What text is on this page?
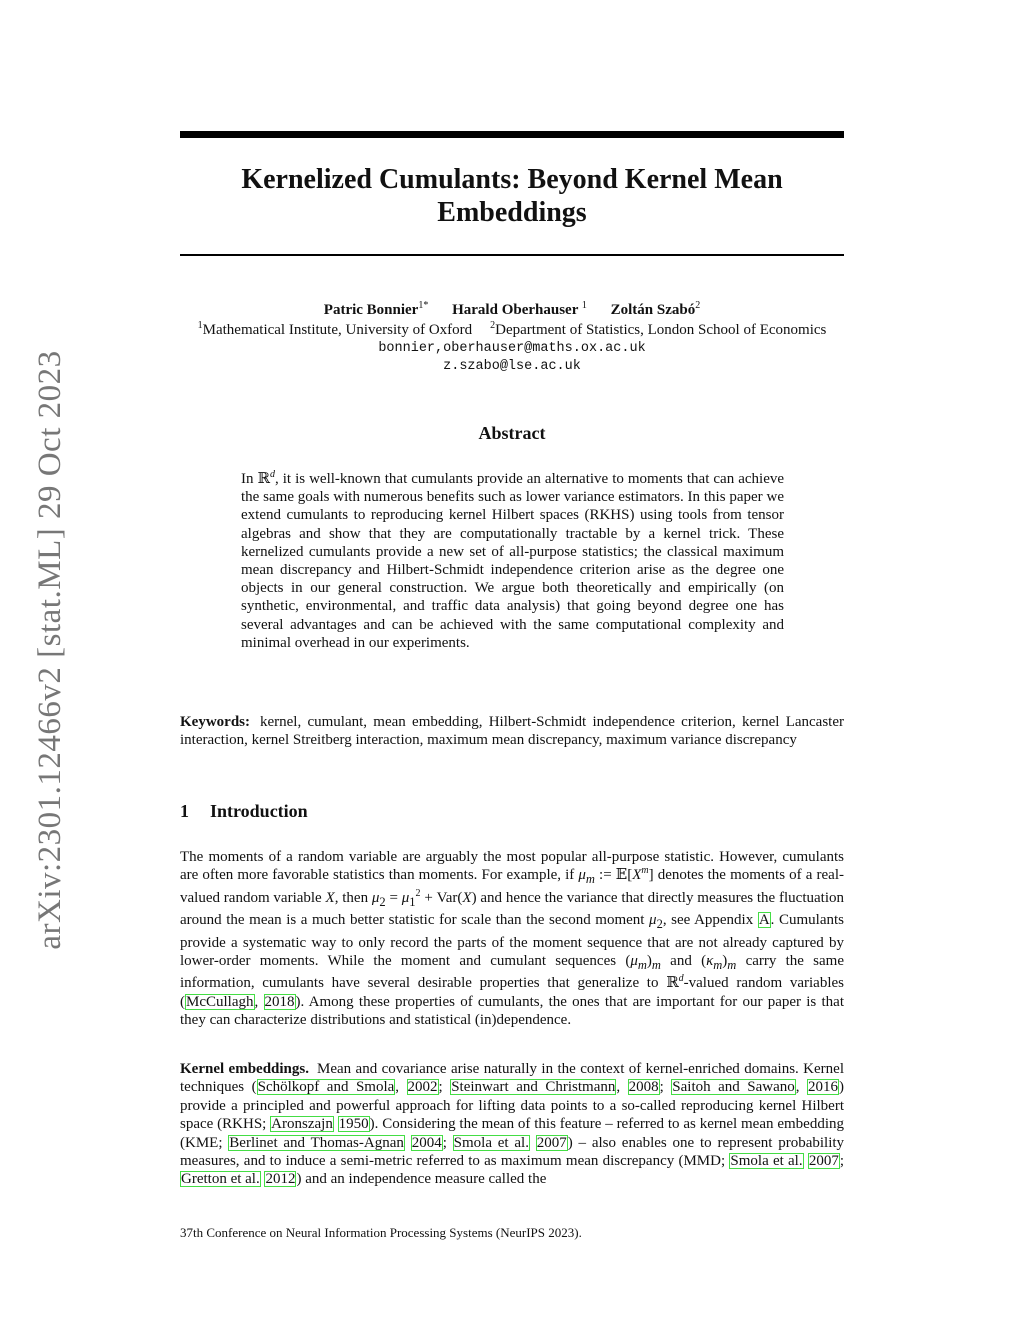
arXiv:2301.12466v2 [stat.ML] 29 Oct 2023
Kernelized Cumulants: Beyond Kernel Mean
Embeddings
Patric Bonnier$^{1*}$ Harald Oberhauser $^1$ Zoltán Szabó$^2$
$^1$Mathematical Institute, University of Oxford $^2$Department of Statistics, London School of Economics
bonnier,oberhauser@maths.ox.ac.uk
z.szabo@lse.ac.uk
Abstract
In ℝ$^d$, it is well-known that cumulants provide an alternative to moments that can achieve the same goals with numerous benefits such as lower variance estimators. In this paper we extend cumulants to reproducing kernel Hilbert spaces (RKHS) using tools from tensor algebras and show that they are computationally tractable by a kernel trick. These kernelized cumulants provide a new set of all-purpose statistics; the classical maximum mean discrepancy and Hilbert-Schmidt independence criterion arise as the degree one objects in our general construction. We argue both theoretically and empirically (on synthetic, environmental, and traffic data analysis) that going beyond degree one has several advantages and can be achieved with the same computational complexity and minimal overhead in our experiments.
Keywords: kernel, cumulant, mean embedding, Hilbert-Schmidt independence criterion, kernel Lancaster interaction, kernel Streitberg interaction, maximum mean discrepancy, maximum variance discrepancy
1 Introduction
The moments of a random variable are arguably the most popular all-purpose statistic. However, cumulants are often more favorable statistics than moments. For example, if $\mu_m$ := $𝔼[X^m]$ denotes the moments of a real-valued random variable X, then $\mu_2 = \mu_1^2 + Var(X)$ and hence the variance that directly measures the fluctuation around the mean is a much better statistic for scale than the second moment $\mu_2$, see Appendix A. Cumulants provide a systematic way to only record the parts of the moment sequence that are not already captured by lower-order moments. While the moment and cumulant sequences $(\mu_m)_m$ and $(\kappa_m)_m$ carry the same information, cumulants have several desirable properties that generalize to ℝ$^d$-valued random variables (McCullagh, 2018). Among these properties of cumulants, the ones that are important for our paper is that they can characterize distributions and statistical (in)dependence.
Kernel embeddings. Mean and covariance arise naturally in the context of kernel-enriched domains. Kernel techniques (Schölkopf and Smola, 2002; Steinwart and Christmann, 2008; Saitoh and Sawano, 2016) provide a principled and powerful approach for lifting data points to a so-called reproducing kernel Hilbert space (RKHS; Aronszajn 1950). Considering the mean of this feature – referred to as kernel mean embedding (KME; Berlinet and Thomas-Agnan 2004; Smola et al. 2007) – also enables one to represent probability measures, and to induce a semi-metric referred to as maximum mean discrepancy (MMD; Smola et al. 2007; Gretton et al. 2012) and an independence measure called the
37th Conference on Neural Information Processing Systems (NeurIPS 2023).
